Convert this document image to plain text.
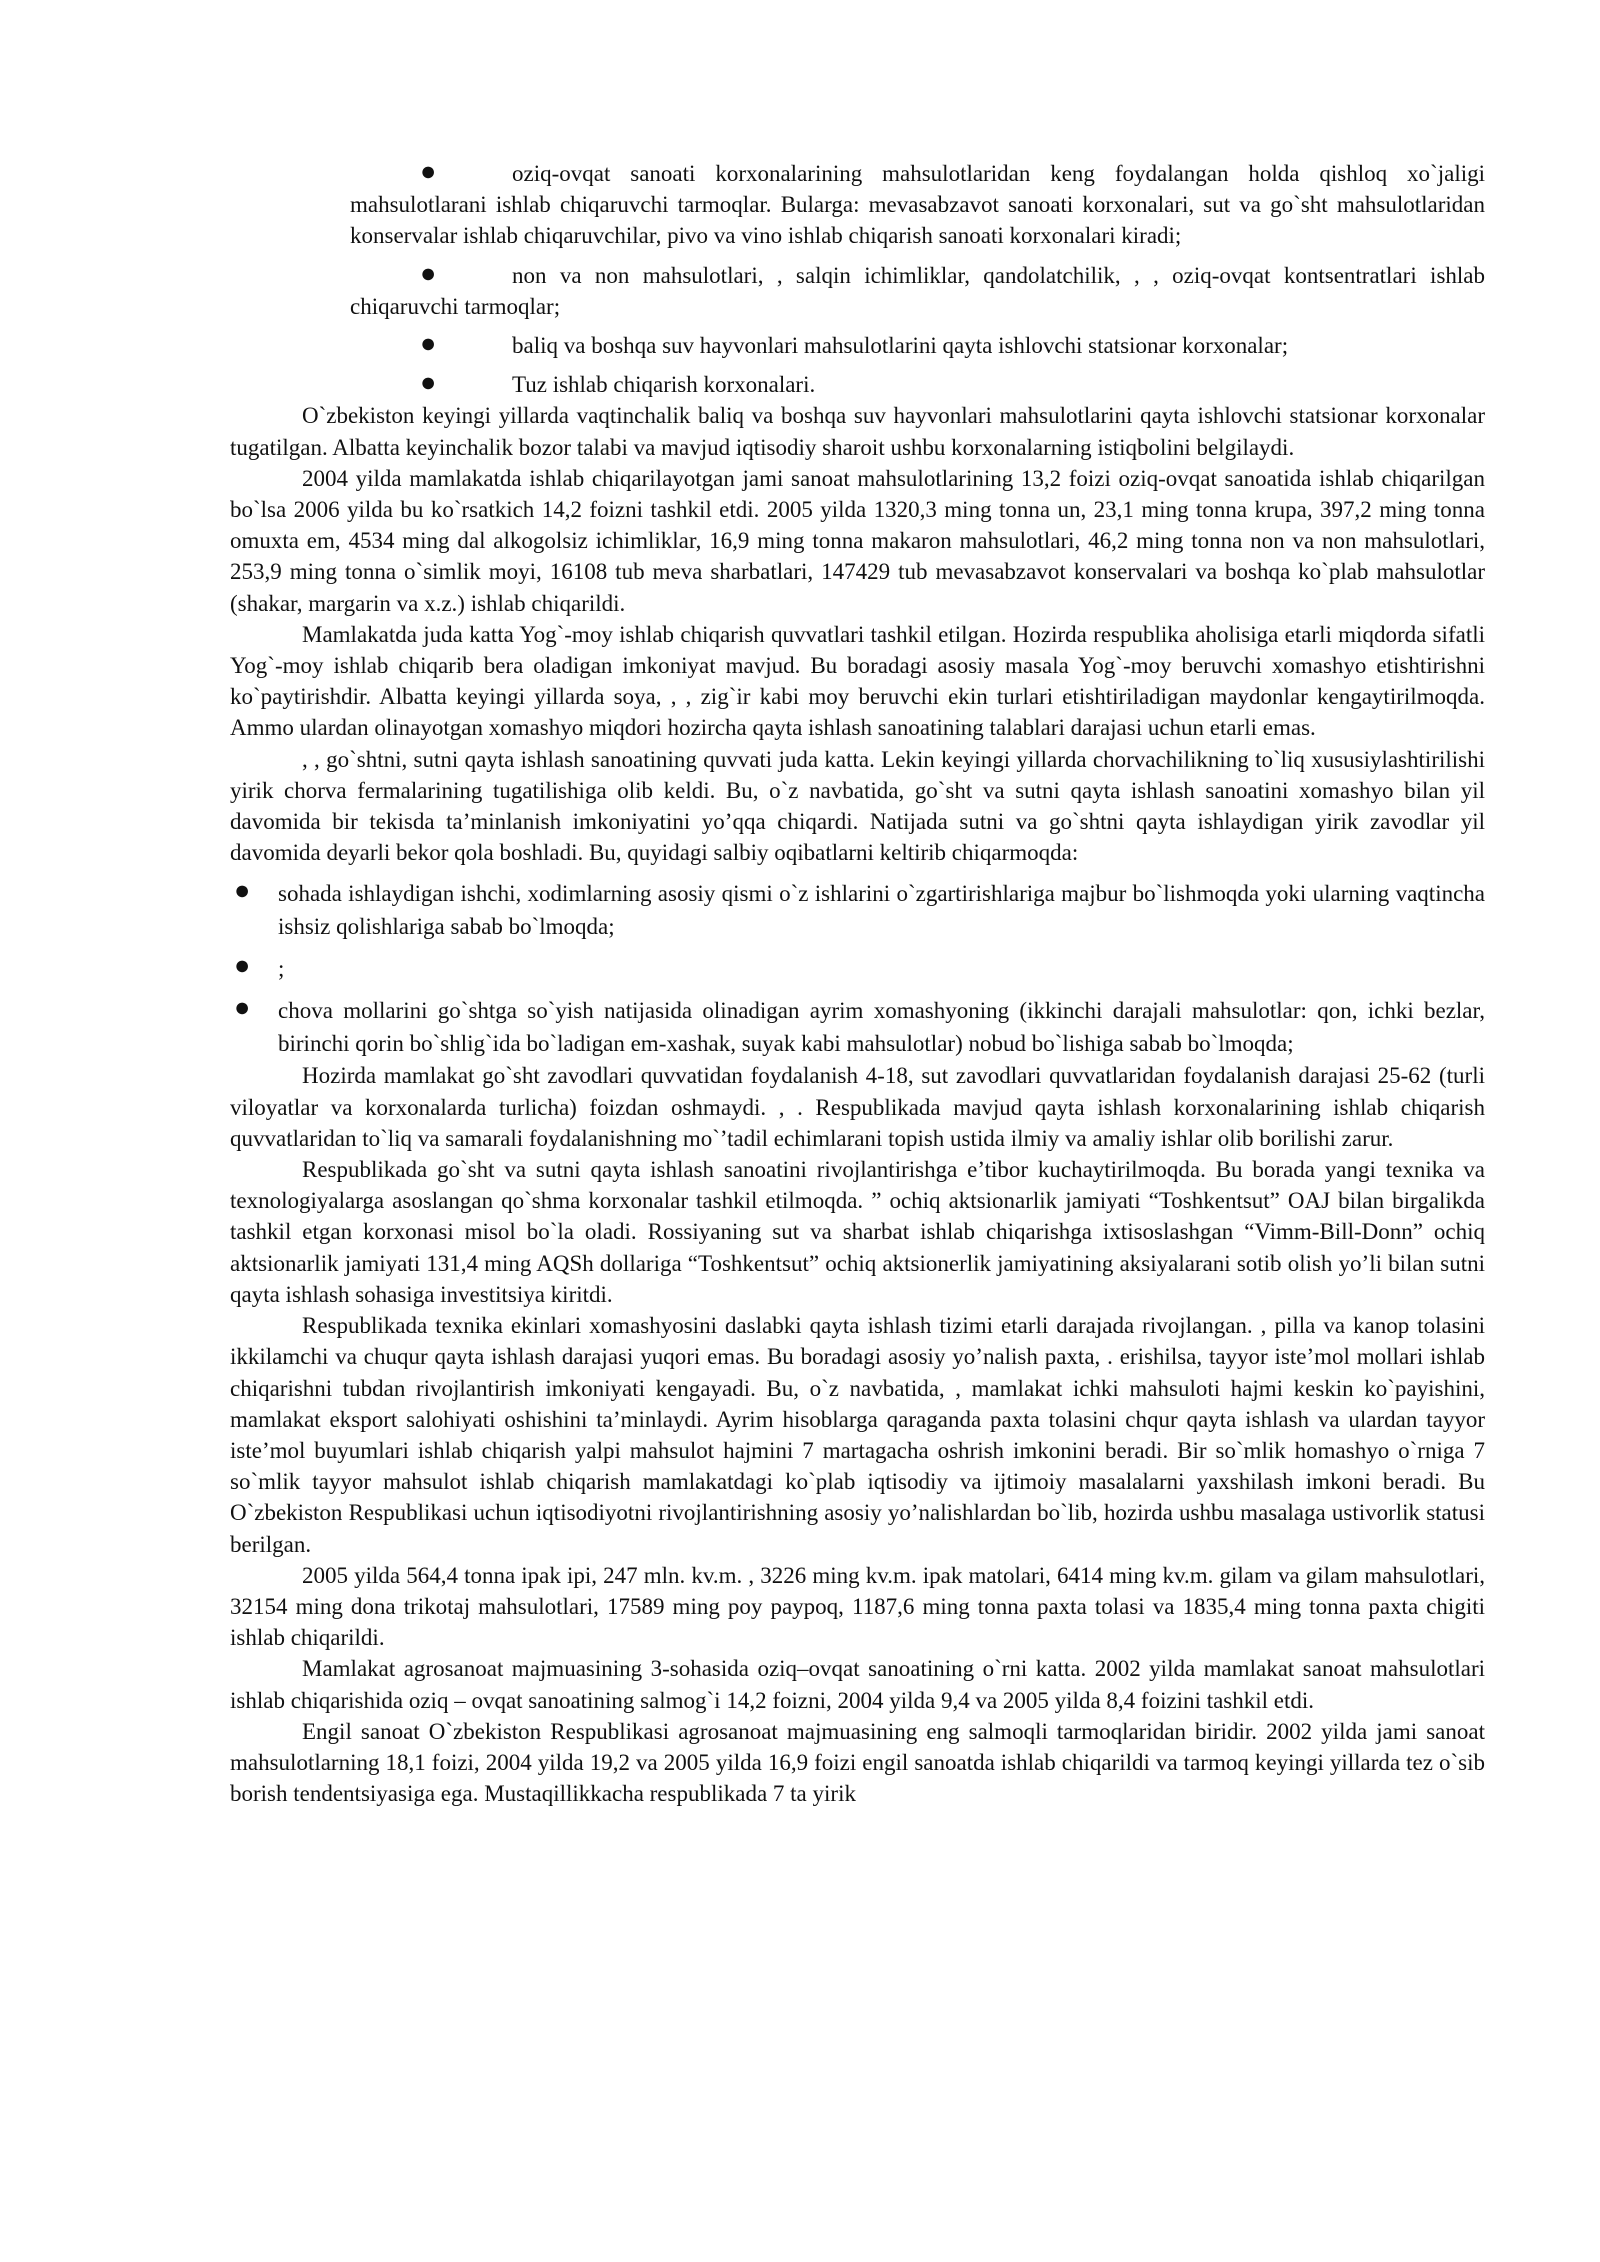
●	oziq-ovqat sanoati korxonalarining mahsulotlaridan keng foydalangan holda qishloq xo`jaligi mahsulotlarani ishlab chiqaruvchi tarmoqlar. Bularga: mevasabzavot sanoati korxonalari, sut va go`sht mahsulotlaridan konservalar ishlab chiqaruvchilar, pivo va vino ishlab chiqarish sanoati korxonalari kiradi;
●	non va non mahsulotlari, , salqin ichimliklar, qandolatchilik, , , oziq-ovqat kontsentratlari ishlab chiqaruvchi tarmoqlar;
●	baliq va boshqa suv hayvonlari mahsulotlarini qayta ishlovchi statsionar korxonalar;
●	Tuz ishlab chiqarish korxonalari.

O`zbekiston keyingi yillarda vaqtinchalik baliq va boshqa suv hayvonlari mahsulotlarini qayta ishlovchi statsionar korxonalar tugatilgan. Albatta keyinchalik bozor talabi va mavjud iqtisodiy sharoit ushbu korxonalarning istiqbolini belgilaydi.

2004 yilda mamlakatda ishlab chiqarilayotgan jami sanoat mahsulotlarining 13,2 foizi oziq-ovqat sanoatida ishlab chiqarilgan bo`lsa 2006 yilda bu ko`rsatkich 14,2 foizni tashkil etdi. 2005 yilda 1320,3 ming tonna un, 23,1 ming tonna krupa, 397,2 ming tonna omuxta em, 4534 ming dal alkogolsiz ichimliklar, 16,9 ming tonna makaron mahsulotlari, 46,2 ming tonna non va non mahsulotlari, 253,9 ming tonna o`simlik moyi, 16108 tub meva sharbatlari, 147429 tub mevasabzavot konservalari va boshqa ko`plab mahsulotlar (shakar, margarin va x.z.) ishlab chiqarildi.

Mamlakatda juda katta Yog`-moy ishlab chiqarish quvvatlari tashkil etilgan. Hozirda respublika aholisiga etarli miqdorda sifatli Yog`-moy ishlab chiqarib bera oladigan imkoniyat mavjud. Bu boradagi asosiy masala Yog`-moy beruvchi xomashyo etishtirishni ko`paytirishdir. Albatta keyingi yillarda soya, , , zig`ir kabi moy beruvchi ekin turlari etishtiriladigan maydonlar kengaytirilmoqda. Ammo ulardan olinayotgan xomashyo miqdori hozircha qayta ishlash sanoatining talablari darajasi uchun etarli emas.

, , go`shtni, sutni qayta ishlash sanoatining quvvati juda katta. Lekin keyingi yillarda chorvachilikning to`liq xususiylashtirilishi yirik chorva fermalarining tugatilishiga olib keldi. Bu, o`z navbatida, go`sht va sutni qayta ishlash sanoatini xomashyo bilan yil davomida bir tekisda ta’minlanish imkoniyatini yo’qqa chiqardi. Natijada sutni va go`shtni qayta ishlaydigan yirik zavodlar yil davomida deyarli bekor qola boshladi. Bu, quyidagi salbiy oqibatlarni keltirib chiqarmoqda:

● sohada ishlaydigan ishchi, xodimlarning asosiy qismi o`z ishlarini o`zgartirishlariga majbur bo`lishmoqda yoki ularning vaqtincha ishsiz qolishlariga sabab bo`lmoqda;
● ;
● chova mollarini go`shtga so`yish natijasida olinadigan ayrim xomashyoning (ikkinchi darajali mahsulotlar: qon, ichki bezlar, birinchi qorin bo`shlig`ida bo`ladigan em-xashak, suyak kabi mahsulotlar) nobud bo`lishiga sabab bo`lmoqda;

Hozirda mamlakat go`sht zavodlari quvvatidan foydalanish 4-18, sut zavodlari quvvatlaridan foydalanish darajasi 25-62 (turli viloyatlar va korxonalarda turlicha) foizdan oshmaydi. , . Respublikada mavjud qayta ishlash korxonalarining ishlab chiqarish quvvatlaridan to`liq va samarali foydalanishning mo`’tadil echimlarani topish ustida ilmiy va amaliy ishlar olib borilishi zarur.

Respublikada go`sht va sutni qayta ishlash sanoatini rivojlantirishga e’tibor kuchaytirilmoqda. Bu borada yangi texnika va texnologiyalarga asoslangan qo`shma korxonalar tashkil etilmoqda. ” ochiq aktsionarlik jamiyati “Toshkentsut” OAJ bilan birgalikda tashkil etgan korxonasi misol bo`la oladi. Rossiyaning sut va sharbat ishlab chiqarishga ixtisoslashgan “Vimm-Bill-Donn” ochiq aktsionarlik jamiyati 131,4 ming AQSh dollariga “Toshkentsut” ochiq aktsionerlik jamiyatining aksiyalarani sotib olish yo’li bilan sutni qayta ishlash sohasiga investitsiya kiritdi.

Respublikada texnika ekinlari xomashyosini daslabki qayta ishlash tizimi etarli darajada rivojlangan. , pilla va kanop tolasini ikkilamchi va chuqur qayta ishlash darajasi yuqori emas. Bu boradagi asosiy yo’nalish paxta, . erishilsa, tayyor iste’mol mollari ishlab chiqarishni tubdan rivojlantirish imkoniyati kengayadi. Bu, o`z navbatida, , mamlakat ichki mahsuloti hajmi keskin ko`payishini, mamlakat eksport salohiyati oshishini ta’minlaydi. Ayrim hisoblarga qaraganda paxta tolasini chqur qayta ishlash va ulardan tayyor iste’mol buyumlari ishlab chiqarish yalpi mahsulot hajmini 7 martagacha oshrish imkonini beradi. Bir so`mlik homashyo o`rniga 7 so`mlik tayyor mahsulot ishlab chiqarish mamlakatdagi ko`plab iqtisodiy va ijtimoiy masalalarni yaxshilash imkoni beradi. Bu O`zbekiston Respublikasi uchun iqtisodiyotni rivojlantirishning asosiy yo’nalishlardan bo`lib, hozirda ushbu masalaga ustivorlik statusi berilgan.

2005 yilda 564,4 tonna ipak ipi, 247 mln. kv.m. , 3226 ming kv.m. ipak matolari, 6414 ming kv.m. gilam va gilam mahsulotlari, 32154 ming dona trikotaj mahsulotlari, 17589 ming poy paypoq, 1187,6 ming tonna paxta tolasi va 1835,4 ming tonna paxta chigiti ishlab chiqarildi.

Mamlakat agrosanoat majmuasining 3-sohasida oziq–ovqat sanoatining o`rni katta. 2002 yilda mamlakat sanoat mahsulotlari ishlab chiqarishida oziq – ovqat sanoatining salmog`i 14,2 foizni, 2004 yilda 9,4 va 2005 yilda 8,4 foizini tashkil etdi.

Engil sanoat O`zbekiston Respublikasi agrosanoat majmuasining eng salmoqli tarmoqlaridan biridir. 2002 yilda jami sanoat mahsulotlarning 18,1 foizi, 2004 yilda 19,2 va 2005 yilda 16,9 foizi engil sanoatda ishlab chiqarildi va tarmoq keyingi yillarda tez o`sib borish tendentsiyasiga ega. Mustaqillikkacha respublikada 7 ta yirik
